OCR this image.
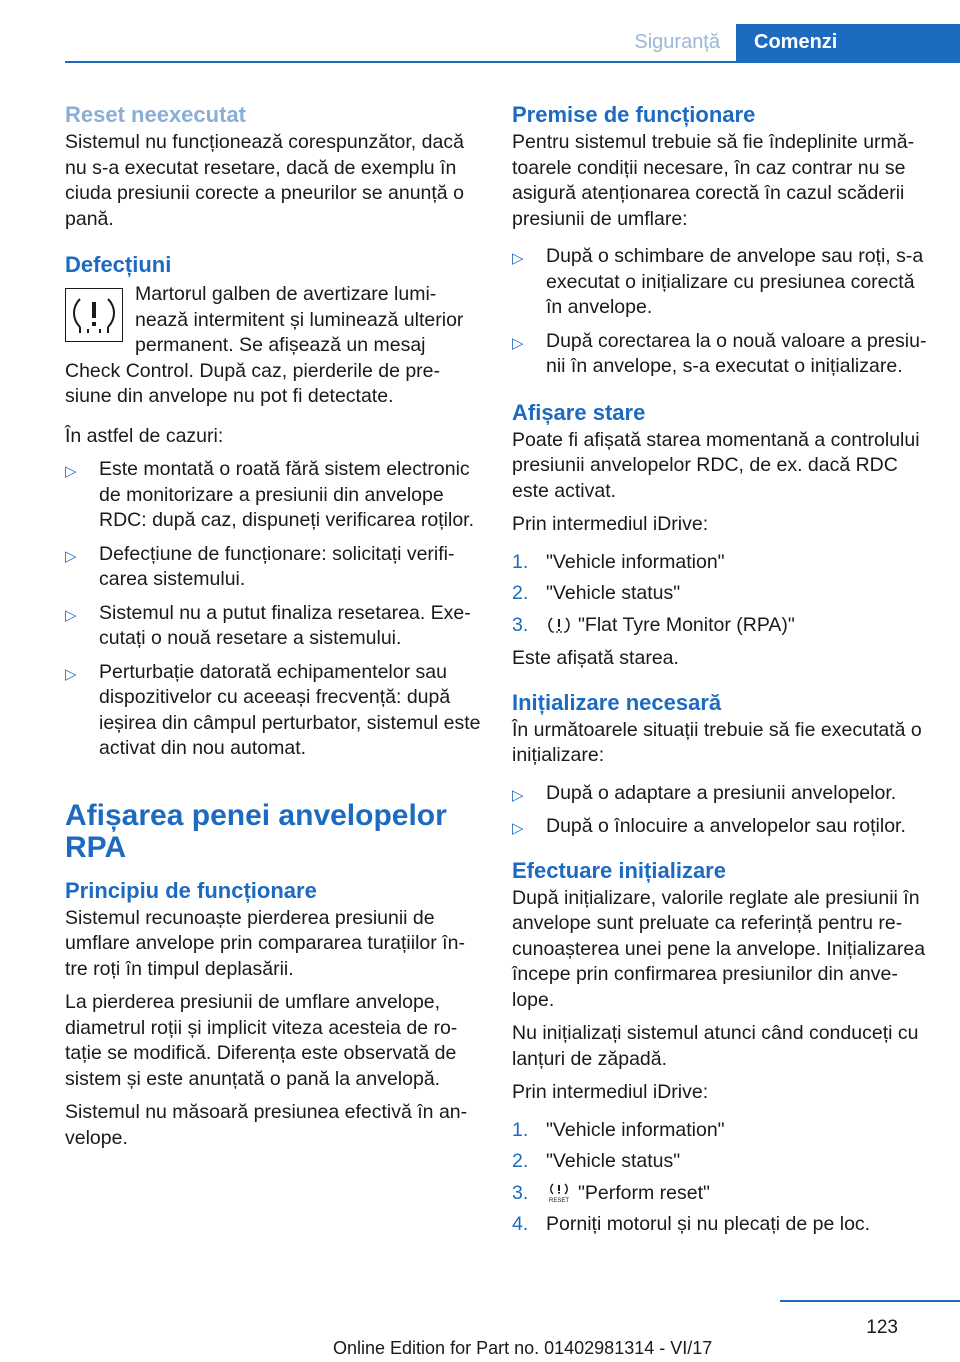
Siguranță	Comenzi
Reset neexecutat

Sistemul nu funcționează corespunzător, dacă nu s-a executat resetare, dacă de exemplu în ciuda presiunii corecte a pneurilor se anunță o pană.

Defecțiuni

Martorul galben de avertizare lumi‐ nează intermitent și luminează ulterior permanent. Se afișează un mesaj Check Control. După caz, pierderile de pre‐ siune din anvelope nu pot fi detectate.

În astfel de cazuri:

▷ Este montată o roată fără sistem electronic de monitorizare a presiunii din anvelope RDC: după caz, dispuneți verificarea roților.
▷ Defecțiune de funcționare: solicitați verifi‐ carea sistemului.
▷ Sistemul nu a putut finaliza resetarea. Exe‐ cutați o nouă resetare a sistemului.
▷ Perturbație datorată echipamentelor sau dispozitivelor cu aceeași frecvență: după ieșirea din câmpul perturbator, sistemul este activat din nou automat.
Afișarea penei anvelopelor RPA
Principiu de funcționare

Sistemul recunoaște pierderea presiunii de umflare anvelope prin compararea turațiilor în‐ tre roți în timpul deplasării.

La pierderea presiunii de umflare anvelope, diametrul roții și implicit viteza acesteia de ro‐ tație se modifică. Diferența este observată de sistem și este anunțată o pană la anvelopă.

Sistemul nu măsoară presiunea efectivă în an‐ velope.

Premise de funcționare

Pentru sistemul trebuie să fie îndeplinite urmă‐ toarele condiții necesare, în caz contrar nu se asigură atenționarea corectă în cazul scăderii presiunii de umflare:

▷ După o schimbare de anvelope sau roți, s-a executat o inițializare cu presiunea corectă în anvelope.
▷ După corectarea la o nouă valoare a presiu‐ nii în anvelope, s-a executat o inițializare.
Afișare stare

Poate fi afișată starea momentană a controlului presiunii anvelopelor RDC, de ex. dacă RDC este activat.

Prin intermediul iDrive:

1. "Vehicle information"
2. "Vehicle status"
3.	"Flat Tyre Monitor (RPA)"

Este afișată starea.

Inițializare necesară

În următoarele situații trebuie să fie executată o inițializare:

▷ După o adaptare a presiunii anvelopelor.
▷ După o înlocuire a anvelopelor sau roților.
Efectuare inițializare

După inițializare, valorile reglate ale presiunii în anvelope sunt preluate ca referință pentru re‐ cunoașterea unei pene la anvelope. Inițializarea începe prin confirmarea presiunilor din anve‐ lope.

Nu inițializați sistemul atunci când conduceți cu lanțuri de zăpadă.

Prin intermediul iDrive:

1. "Vehicle information"
2. "Vehicle status"
3.	RESET "Perform reset"
4. Porniți motorul și nu plecați de pe loc.
123
Online Edition for Part no. 01402981314 - VI/17
